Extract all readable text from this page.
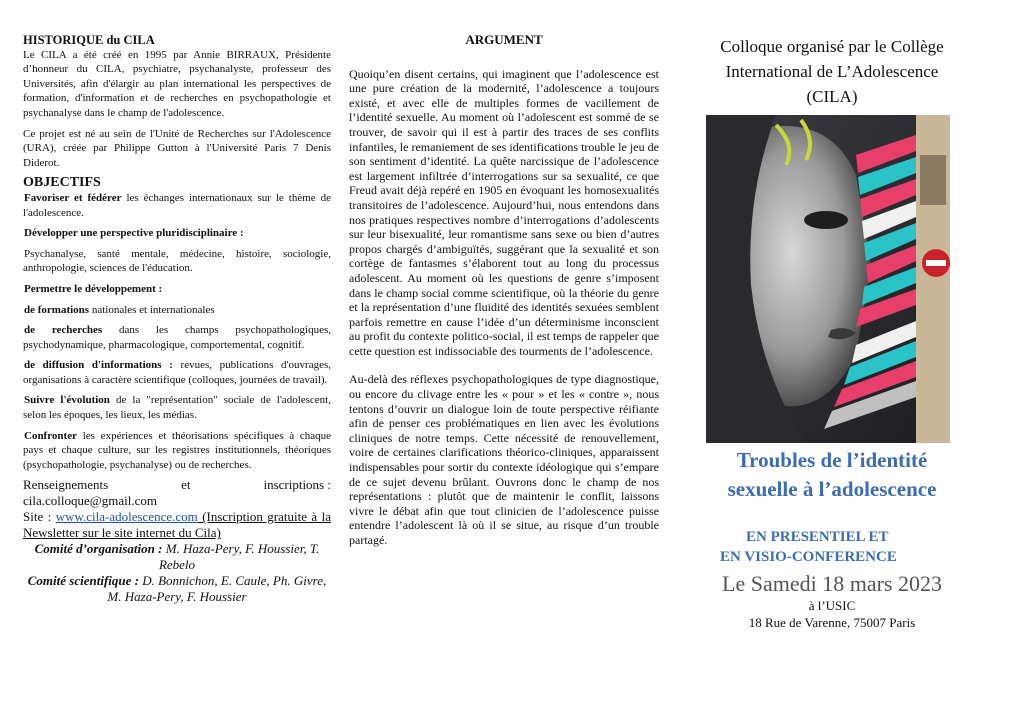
HISTORIQUE du CILA

Le CILA a été créé en 1995 par Annie BIRRAUX, Présidente d’honneur du CILA, psychiatre, psychanalyste, professeur des Universités, afin d'élargir au plan international les perspectives de formation, d'information et de recherches en psychopathologie et psychanalyse dans le champ de l'adolescence.

Ce projet est né au sein de l'Unité de Recherches sur l'Adolescence (URA), créée par Philippe Gutton à l'Université Paris 7 Denis Diderot.

OBJECTIFS

Favoriser et fédérer les échanges internationaux sur le thème de l'adolescence.

Développer une perspective pluridisciplinaire :

Psychanalyse, santé mentale, médecine, histoire, sociologie, anthropologie, sciences de l'éducation.

Permettre le développement :

de formations nationales et internationales

de recherches dans les champs psychopathologiques, psychodynamique, pharmacologique, comportemental, cognitif.

de diffusion d'informations : revues, publications d'ouvrages, organisations à caractère scientifique (colloques, journées de travail).

Suivre l'évolution de la "représentation" sociale de l'adolescent, selon les époques, les lieux, les médias.

Confronter les expériences et théorisations spécifiques à chaque pays et chaque culture, sur les registres institutionnels, théoriques (psychopathologie, psychanalyse) ou de recherches.

Renseignements	et	inscriptions :
cila.colloque@gmail.com
Site : www.cila-adolescence.com (Inscription gratuite à la Newsletter sur le site internet du Cila)
Comité d’organisation : M. Haza-Pery, F. Houssier, T. Rebelo
Comité scientifique : D. Bonnichon, E. Caule, Ph. Givre, M. Haza-Pery, F. Houssier
ARGUMENT

Quoiqu’en disent certains, qui imaginent que l’adolescence est une pure création de la modernité, l’adolescence a toujours existé, et avec elle de multiples formes de vacillement de l’identité sexuelle. Au moment où l’adolescent est sommé de se trouver, de savoir qui il est à partir des traces de ses conflits infantiles, le remaniement de ses identifications trouble le jeu de son sentiment d’identité. La quête narcissique de l’adolescence est largement infiltrée d’interrogations sur sa sexualité, ce que Freud avait déjà repéré en 1905 en évoquant les homosexualités transitoires de l’adolescence. Aujourd’hui, nous entendons dans nos pratiques respectives nombre d’interrogations d’adolescents sur leur bisexualité, leur romantisme sans sexe ou bien d’autres propos chargés d’ambiguïtés, suggérant que la sexualité et son cortège de fantasmes s’élaborent tout au long du processus adolescent. Au moment où les questions de genre s’imposent dans le champ social comme scientifique, où la théorie du genre et la représentation d’une fluidité des identités sexuées semblent parfois remettre en cause l’idée d’un déterminisme inconscient au profit du contexte politico-social, il est temps de rappeler que cette question est indissociable des tourments de l’adolescence.

Au-delà des réflexes psychopathologiques de type diagnostique, ou encore du clivage entre les « pour » et les « contre », nous tentons d’ouvrir un dialogue loin de toute perspective réifiante afin de penser ces problématiques en lien avec les évolutions cliniques de notre temps. Cette nécessité de renouvellement, voire de certaines clarifications théorico-cliniques, apparaissent indispensables pour sortir du contexte idéologique qui s’empare de ce sujet devenu brûlant. Ouvrons donc le champ de nos représentations : plutôt que de maintenir le conflit, laissons vivre le débat afin que tout clinicien de l’adolescence puisse entendre l’adolescent là où il se situe, au risque d’un trouble partagé.

Colloque organisé par le Collège
International de L’Adolescence
(CILA)
Troubles de l’identité
sexuelle à l’adolescence
EN PRESENTIEL ET
EN VISIO-CONFERENCE
Le Samedi 18 mars 2023
à l’USIC
18 Rue de Varenne, 75007 Paris
